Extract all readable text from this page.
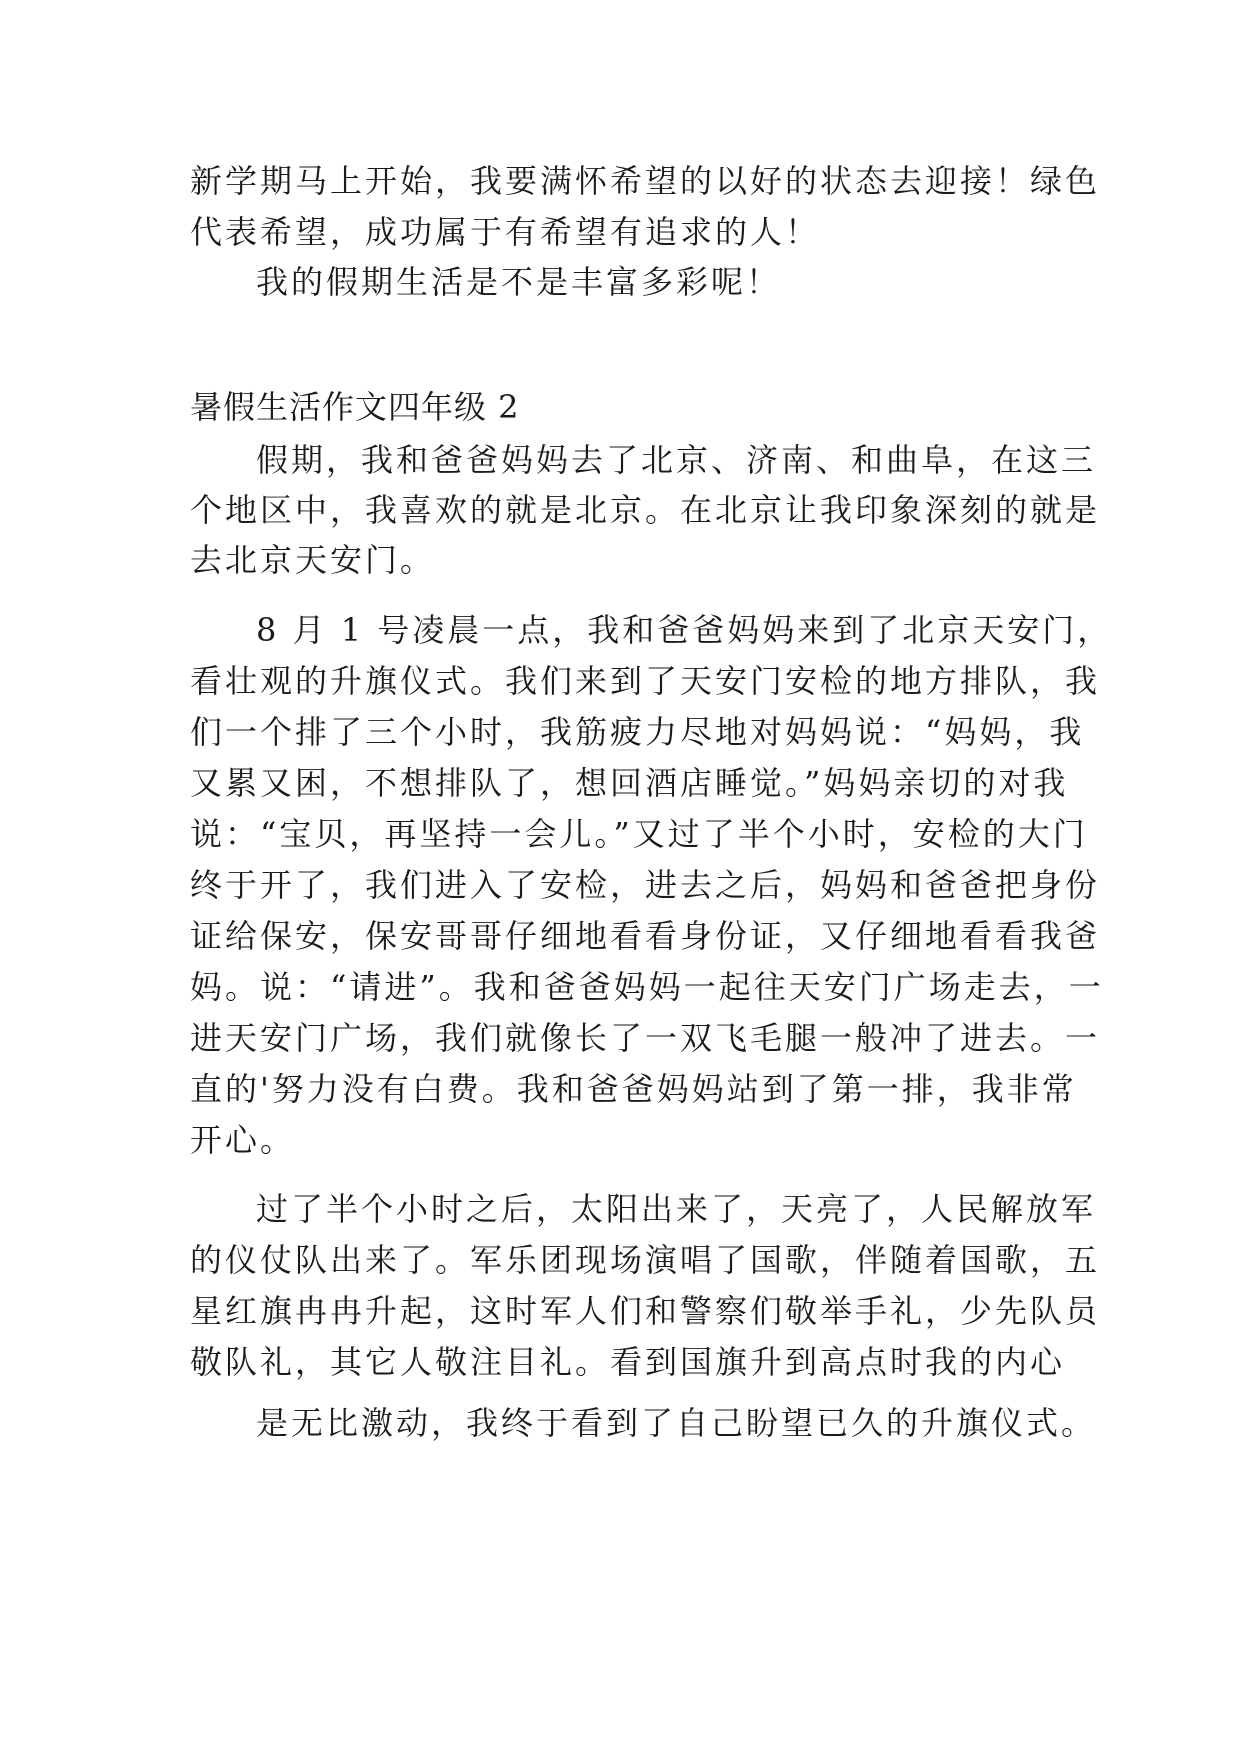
新学期马上开始，我要满怀希望的以好的状态去迎接！绿色
代表希望，成功属于有希望有追求的人！
我的假期生活是不是丰富多彩呢！
暑假生活作文四年级 2
假期，我和爸爸妈妈去了北京、济南、和曲阜，在这三
个地区中，我喜欢的就是北京。在北京让我印象深刻的就是
去北京天安门。
8 月 1 号凌晨一点，我和爸爸妈妈来到了北京天安门，
看壮观的升旗仪式。我们来到了天安门安检的地方排队，我
们一个排了三个小时，我筋疲力尽地对妈妈说：“妈妈，我
又累又困，不想排队了，想回酒店睡觉。”妈妈亲切的对我
说：“宝贝，再坚持一会儿。”又过了半个小时，安检的大门
终于开了，我们进入了安检，进去之后，妈妈和爸爸把身份
证给保安，保安哥哥仔细地看看身份证，又仔细地看看我爸
妈。说：“请进”。我和爸爸妈妈一起往天安门广场走去，一
进天安门广场，我们就像长了一双飞毛腿一般冲了进去。一
直的'努力没有白费。我和爸爸妈妈站到了第一排，我非常
开心。
过了半个小时之后，太阳出来了，天亮了，人民解放军
的仪仗队出来了。军乐团现场演唱了国歌，伴随着国歌，五
星红旗冉冉升起，这时军人们和警察们敬举手礼，少先队员
敬队礼，其它人敬注目礼。看到国旗升到高点时我的内心
是无比激动，我终于看到了自己盼望已久的升旗仪式。
